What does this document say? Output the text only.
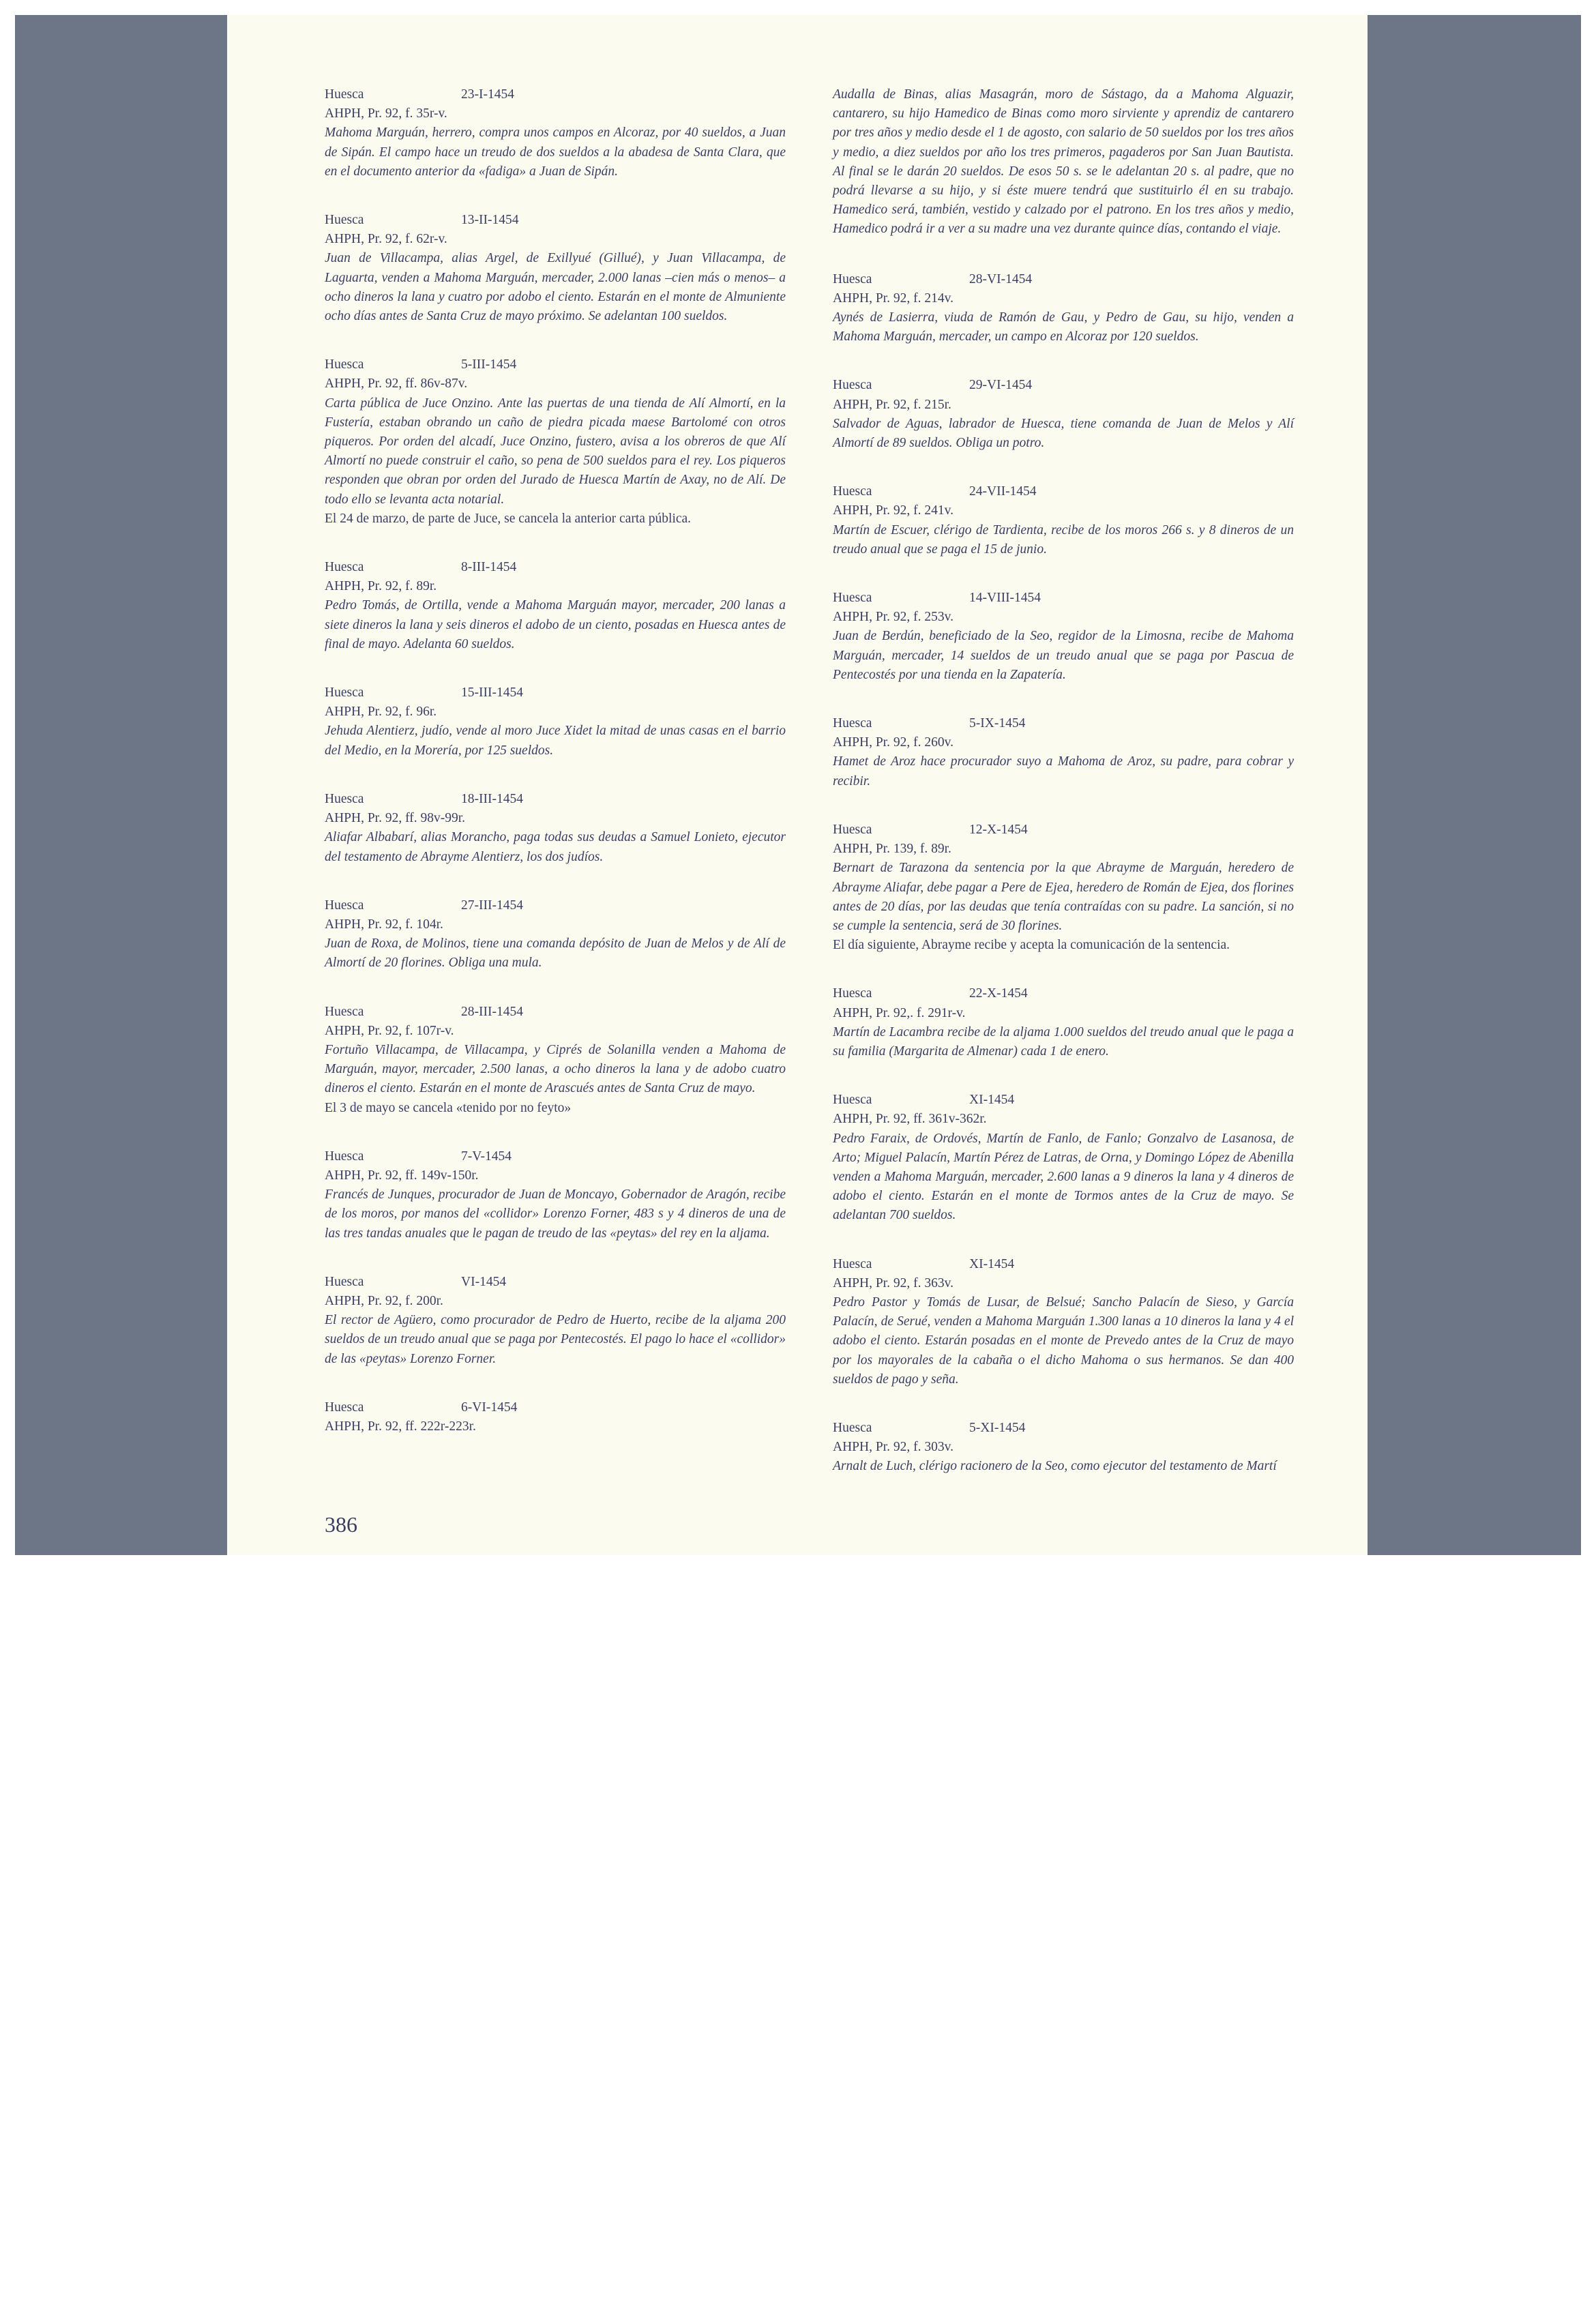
Huesca	23-I-1454
AHPH, Pr. 92, f. 35r-v.
Mahoma Marguán, herrero, compra unos campos en Alcoraz, por 40 sueldos, a Juan de Sipán. El campo hace un treudo de dos sueldos a la abadesa de Santa Clara, que en el documento anterior da «fadiga» a Juan de Sipán.
Huesca	13-II-1454
AHPH, Pr. 92, f. 62r-v.
Juan de Villacampa, alias Argel, de Exillyué (Gillué), y Juan Villacampa, de Laguarta, venden a Mahoma Marguán, mercader, 2.000 lanas –cien más o menos– a ocho dineros la lana y cuatro por adobo el ciento. Estarán en el monte de Almuniente ocho días antes de Santa Cruz de mayo próximo. Se adelantan 100 sueldos.
Huesca	5-III-1454
AHPH, Pr. 92, ff. 86v-87v.
Carta pública de Juce Onzino. Ante las puertas de una tienda de Alí Almortí, en la Fustería, estaban obrando un caño de piedra picada maese Bartolomé con otros piqueros. Por orden del alcadí, Juce Onzino, fustero, avisa a los obreros de que Alí Almortí no puede construir el caño, so pena de 500 sueldos para el rey. Los piqueros responden que obran por orden del Jurado de Huesca Martín de Axay, no de Alí. De todo ello se levanta acta notarial.
El 24 de marzo, de parte de Juce, se cancela la anterior carta pública.
Huesca	8-III-1454
AHPH, Pr. 92, f. 89r.
Pedro Tomás, de Ortilla, vende a Mahoma Marguán mayor, mercader, 200 lanas a siete dineros la lana y seis dineros el adobo de un ciento, posadas en Huesca antes de final de mayo. Adelanta 60 sueldos.
Huesca	15-III-1454
AHPH, Pr. 92, f. 96r.
Jehuda Alentierz, judío, vende al moro Juce Xidet la mitad de unas casas en el barrio del Medio, en la Morería, por 125 sueldos.
Huesca	18-III-1454
AHPH, Pr. 92, ff. 98v-99r.
Aliafar Albabarí, alias Morancho, paga todas sus deudas a Samuel Lonieto, ejecutor del testamento de Abrayme Alentierz, los dos judíos.
Huesca	27-III-1454
AHPH, Pr. 92, f. 104r.
Juan de Roxa, de Molinos, tiene una comanda depósito de Juan de Melos y de Alí de Almortí de 20 florines. Obliga una mula.
Huesca	28-III-1454
AHPH, Pr. 92, f. 107r-v.
Fortuño Villacampa, de Villacampa, y Ciprés de Solanilla venden a Mahoma de Marguán, mayor, mercader, 2.500 lanas, a ocho dineros la lana y de adobo cuatro dineros el ciento. Estarán en el monte de Arascués antes de Santa Cruz de mayo.
El 3 de mayo se cancela «tenido por no feyto»
Huesca	7-V-1454
AHPH, Pr. 92, ff. 149v-150r.
Francés de Junques, procurador de Juan de Moncayo, Gobernador de Aragón, recibe de los moros, por manos del «collidor» Lorenzo Forner, 483 s y 4 dineros de una de las tres tandas anuales que le pagan de treudo de las «peytas» del rey en la aljama.
Huesca	VI-1454
AHPH, Pr. 92, f. 200r.
El rector de Agüero, como procurador de Pedro de Huerto, recibe de la aljama 200 sueldos de un treudo anual que se paga por Pentecostés. El pago lo hace el «collidor» de las «peytas» Lorenzo Forner.
Huesca	6-VI-1454
AHPH, Pr. 92, ff. 222r-223r.
Audalla de Binas, alias Masagrán, moro de Sástago, da a Mahoma Alguazir, cantarero, su hijo Hamedico de Binas como moro sirviente y aprendiz de cantarero por tres años y medio desde el 1 de agosto, con salario de 50 sueldos por los tres años y medio, a diez sueldos por año los tres primeros, pagaderos por San Juan Bautista. Al final se le darán 20 sueldos. De esos 50 s. se le adelantan 20 s. al padre, que no podrá llevarse a su hijo, y si éste muere tendrá que sustituirlo él en su trabajo. Hamedico será, también, vestido y calzado por el patrono. En los tres años y medio, Hamedico podrá ir a ver a su madre una vez durante quince días, contando el viaje.
Huesca	28-VI-1454
AHPH, Pr. 92, f. 214v.
Aynés de Lasierra, viuda de Ramón de Gau, y Pedro de Gau, su hijo, venden a Mahoma Marguán, mercader, un campo en Alcoraz por 120 sueldos.
Huesca	29-VI-1454
AHPH, Pr. 92, f. 215r.
Salvador de Aguas, labrador de Huesca, tiene comanda de Juan de Melos y Alí Almortí de 89 sueldos. Obliga un potro.
Huesca	24-VII-1454
AHPH, Pr. 92, f. 241v.
Martín de Escuer, clérigo de Tardienta, recibe de los moros 266 s. y 8 dineros de un treudo anual que se paga el 15 de junio.
Huesca	14-VIII-1454
AHPH, Pr. 92, f. 253v.
Juan de Berdún, beneficiado de la Seo, regidor de la Limosna, recibe de Mahoma Marguán, mercader, 14 sueldos de un treudo anual que se paga por Pascua de Pentecostés por una tienda en la Zapatería.
Huesca	5-IX-1454
AHPH, Pr. 92, f. 260v.
Hamet de Aroz hace procurador suyo a Mahoma de Aroz, su padre, para cobrar y recibir.
Huesca	12-X-1454
AHPH, Pr. 139, f. 89r.
Bernart de Tarazona da sentencia por la que Abrayme de Marguán, heredero de Abrayme Aliafar, debe pagar a Pere de Ejea, heredero de Román de Ejea, dos florines antes de 20 días, por las deudas que tenía contraídas con su padre. La sanción, si no se cumple la sentencia, será de 30 florines.
El día siguiente, Abrayme recibe y acepta la comunicación de la sentencia.
Huesca	22-X-1454
AHPH, Pr. 92,. f. 291r-v.
Martín de Lacambra recibe de la aljama 1.000 sueldos del treudo anual que le paga a su familia (Margarita de Almenar) cada 1 de enero.
Huesca	XI-1454
AHPH, Pr. 92, ff. 361v-362r.
Pedro Faraix, de Ordovés, Martín de Fanlo, de Fanlo; Gonzalvo de Lasanosa, de Arto; Miguel Palacín, Martín Pérez de Latras, de Orna, y Domingo López de Abenilla venden a Mahoma Marguán, mercader, 2.600 lanas a 9 dineros la lana y 4 dineros de adobo el ciento. Estarán en el monte de Tormos antes de la Cruz de mayo. Se adelantan 700 sueldos.
Huesca	XI-1454
AHPH, Pr. 92, f. 363v.
Pedro Pastor y Tomás de Lusar, de Belsué; Sancho Palacín de Sieso, y García Palacín, de Serué, venden a Mahoma Marguán 1.300 lanas a 10 dineros la lana y 4 el adobo el ciento. Estarán posadas en el monte de Prevedo antes de la Cruz de mayo por los mayorales de la cabaña o el dicho Mahoma o sus hermanos. Se dan 400 sueldos de pago y seña.
Huesca	5-XI-1454
AHPH, Pr. 92, f. 303v.
Arnalt de Luch, clérigo racionero de la Seo, como ejecutor del testamento de Martí
386
